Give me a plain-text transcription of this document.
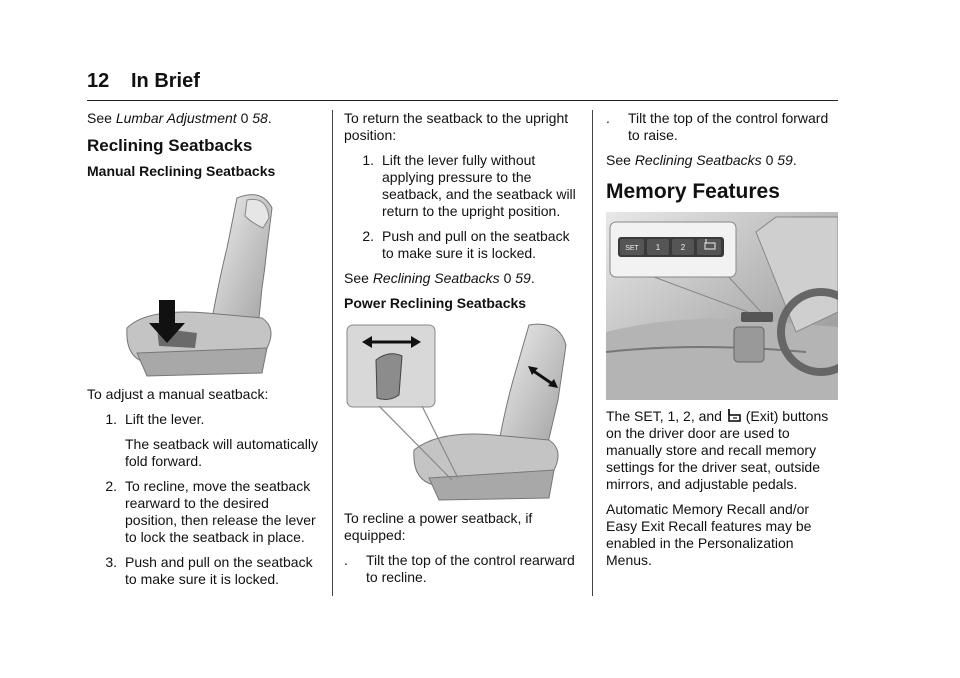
12 In Brief

See Lumbar Adjustment 0 58.

Reclining Seatbacks
Manual Reclining Seatbacks

To adjust a manual seatback:

1. Lift the lever.

The seatback will automatically fold forward.

2. To recline, move the seatback rearward to the desired position, then release the lever to lock the seatback in place.
3. Push and pull on the seatback to make sure it is locked.

To return the seatback to the upright position:

1. Lift the lever fully without applying pressure to the seatback, and the seatback will return to the upright position.
2. Push and pull on the seatback to make sure it is locked.

See Reclining Seatbacks 0 59.

Power Reclining Seatbacks

To recline a power seatback, if equipped:

.	Tilt the top of the control rearward to recline.
.	Tilt the top of the control forward to raise.

See Reclining Seatbacks 0 59.

Memory Features
SET 1	2

The SET, 1, 2, and (Exit) buttons on the driver door are used to manually store and recall memory settings for the driver seat, outside mirrors, and adjustable pedals.

Automatic Memory Recall and/or Easy Exit Recall features may be enabled in the Personalization Menus.
